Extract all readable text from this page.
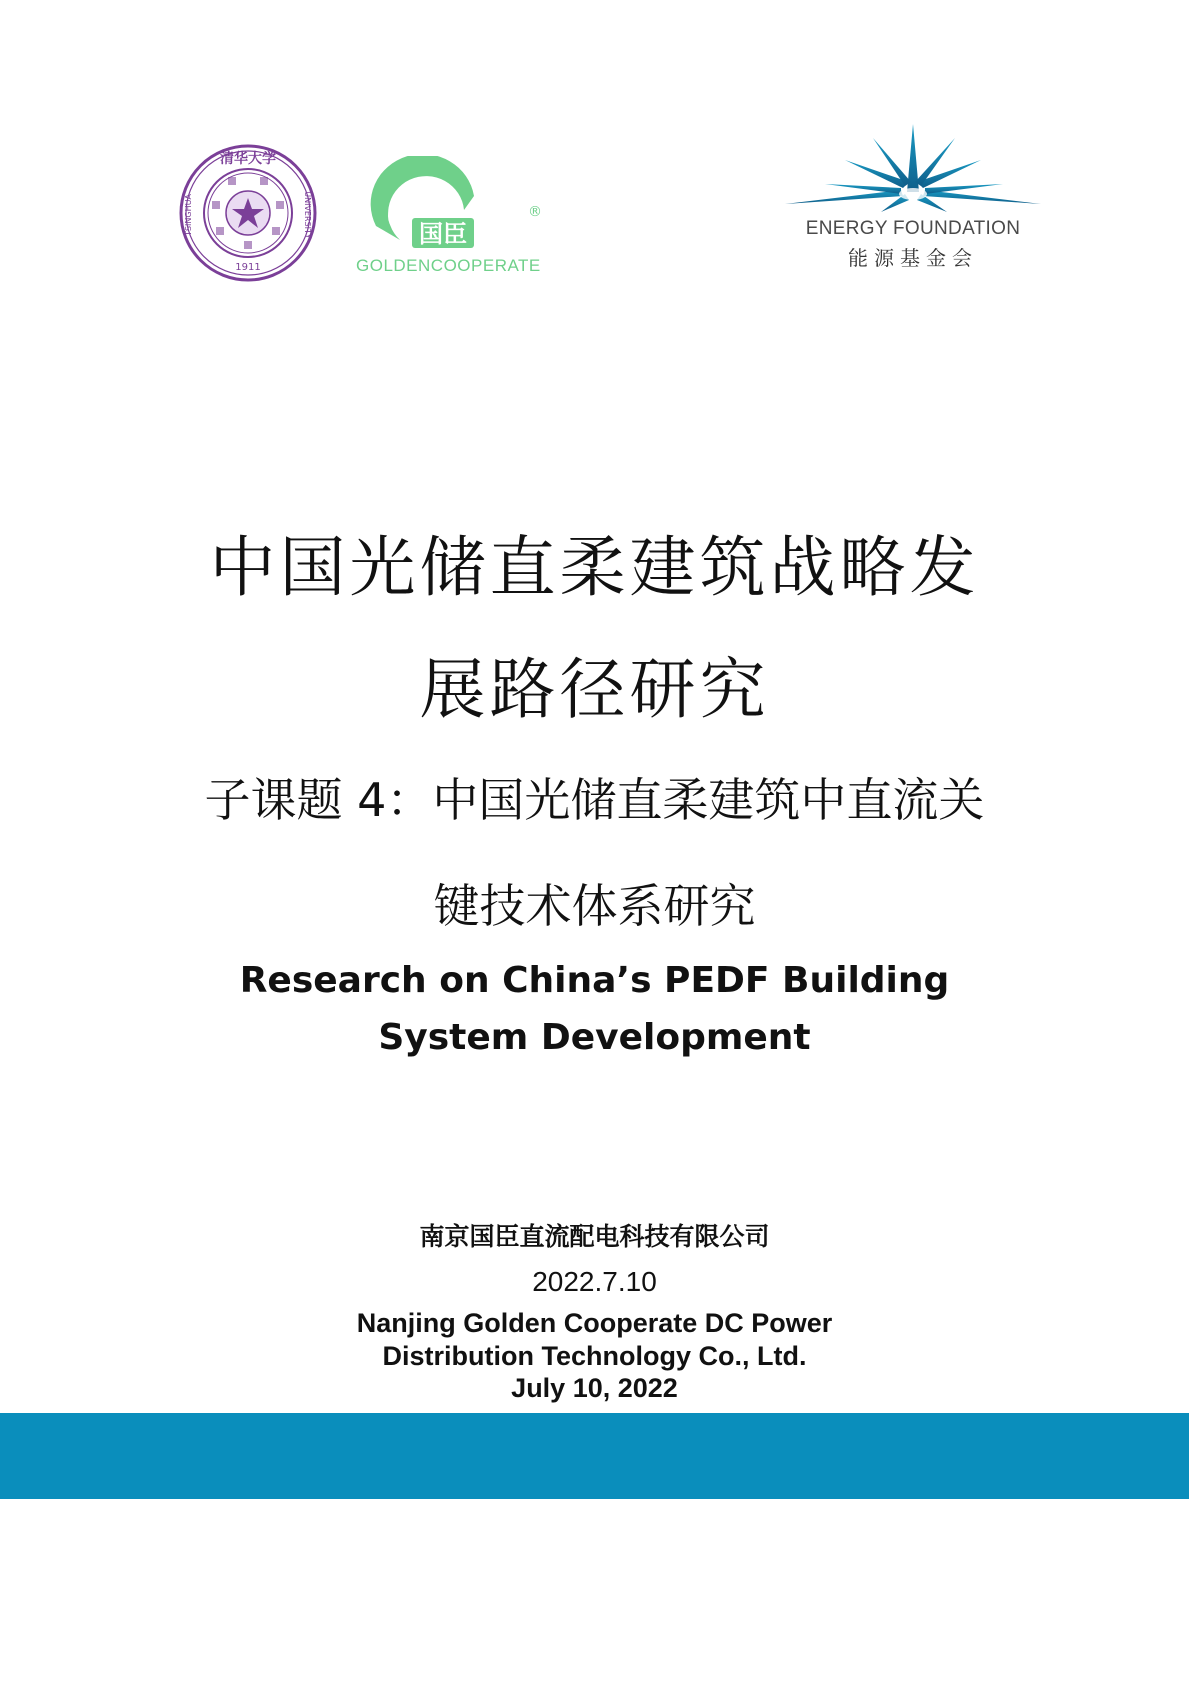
清华大学
TSINGHUA	UNIVERSITY
1911
国臣
®
GOLDENCOOPERATE
ENERGY FOUNDATION
能源基金会
中国光储直柔建筑战略发
展路径研究
子课题 4：中国光储直柔建筑中直流关
键技术体系研究
Research on China’s PEDF Building
System Development
南京国臣直流配电科技有限公司
2022.7.10
Nanjing Golden Cooperate DC Power
Distribution Technology Co., Ltd.
July 10, 2022
